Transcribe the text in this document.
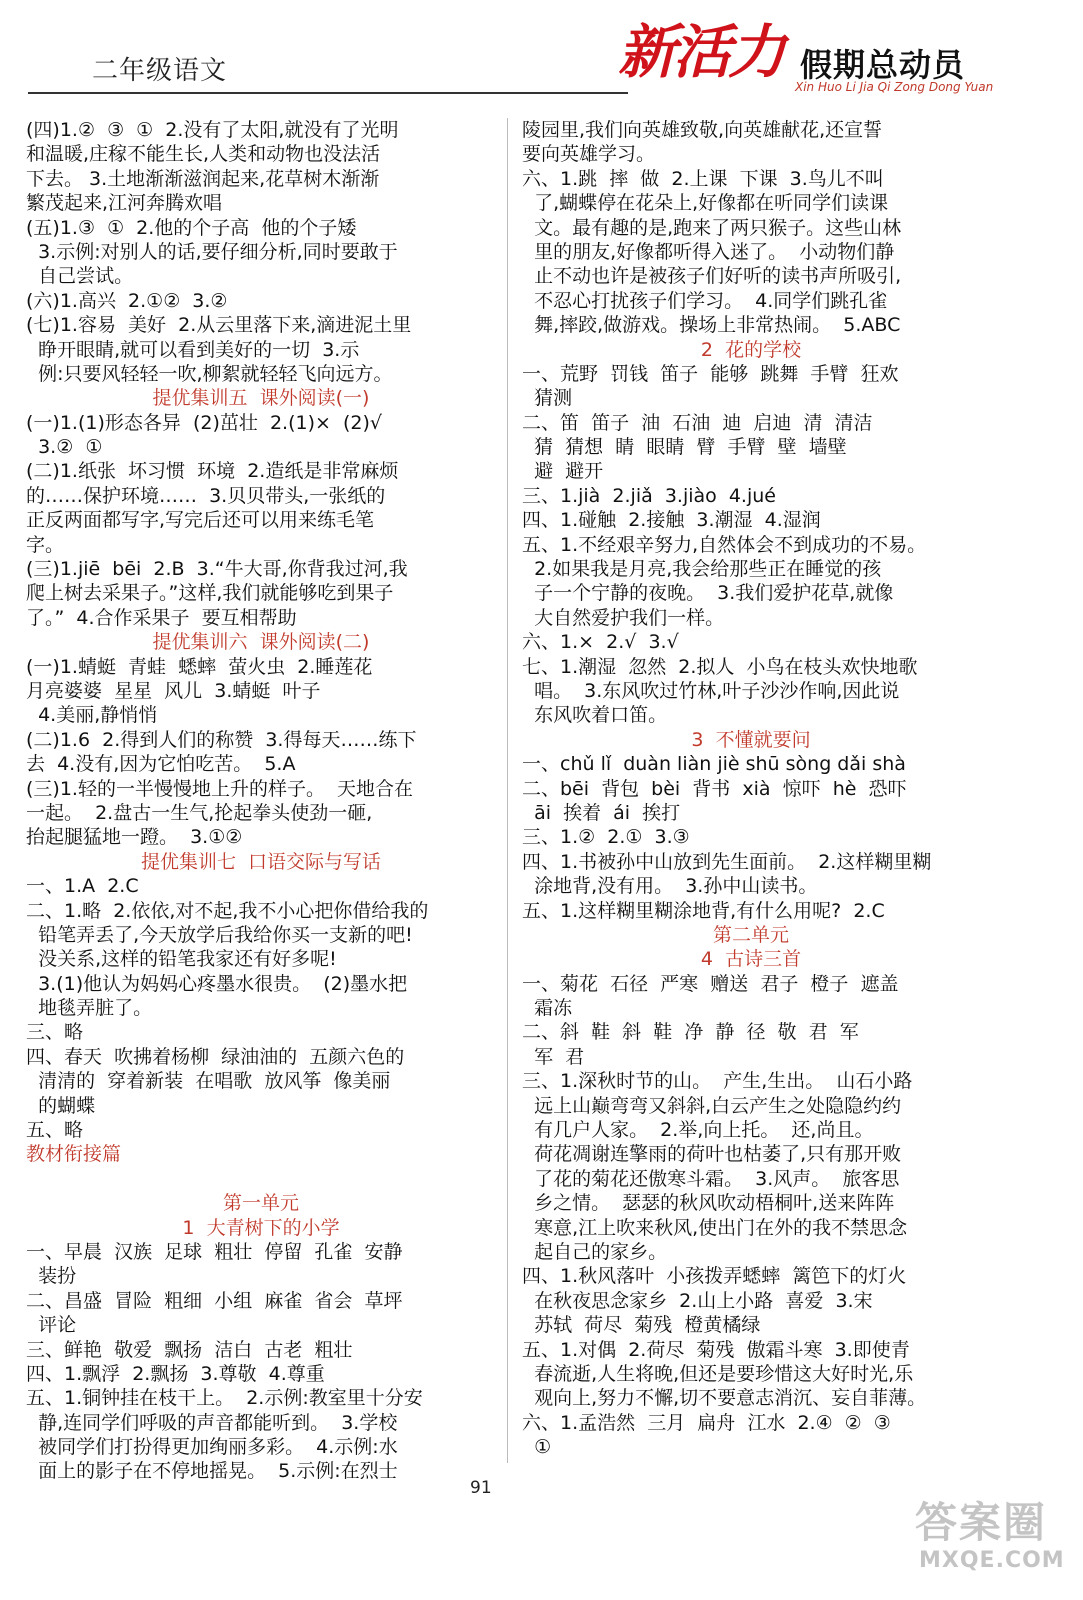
二年级语文	新活力 假期总动员
Xin Huo Li Jia Qi Zong Dong Yuan
(四)1.②  ③  ①  2.没有了太阳,就没有了光明
和温暖,庄稼不能生长,人类和动物也没法活
下去。 3.土地渐渐滋润起来,花草树木渐渐
繁茂起来,江河奔腾欢唱
(五)1.③  ①  2.他的个子高  他的个子矮
3.示例:对别人的话,要仔细分析,同时要敢于
自己尝试。
(六)1.高兴  2.①②  3.②
(七)1.容易  美好  2.从云里落下来,滴进泥土里
睁开眼睛,就可以看到美好的一切  3.示
例:只要风轻轻一吹,柳絮就轻轻飞向远方。
提优集训五  课外阅读(一)
(一)1.(1)形态各异  (2)茁壮  2.(1)×  (2)√
3.②  ①
(二)1.纸张  坏习惯  环境  2.造纸是非常麻烦
的……保护环境……  3.贝贝带头,一张纸的
正反两面都写字,写完后还可以用来练毛笔
字。
(三)1.jiē  bēi  2.B  3.“牛大哥,你背我过河,我
爬上树去采果子。”这样,我们就能够吃到果子
了。”  4.合作采果子  要互相帮助
提优集训六  课外阅读(二)
(一)1.蜻蜓  青蛙  蟋蟀  萤火虫  2.睡莲花
月亮婆婆  星星  风儿  3.蜻蜓  叶子
4.美丽,静悄悄
(二)1.6  2.得到人们的称赞  3.得每天……练下
去  4.没有,因为它怕吃苦。  5.A
(三)1.轻的一半慢慢地上升的样子。  天地合在
一起。  2.盘古一生气,抡起拳头使劲一砸,
抬起腿猛地一蹬。  3.①②
提优集训七  口语交际与写话
一、1.A  2.C
二、1.略  2.依依,对不起,我不小心把你借给我的
铅笔弄丢了,今天放学后我给你买一支新的吧!
没关系,这样的铅笔我家还有好多呢!
3.(1)他认为妈妈心疼墨水很贵。  (2)墨水把
地毯弄脏了。
三、略
四、春天  吹拂着杨柳  绿油油的  五颜六色的
清清的  穿着新装  在唱歌  放风筝  像美丽
的蝴蝶
五、略
教材衔接篇
第一单元
1  大青树下的小学
一、早晨  汉族  足球  粗壮  停留  孔雀  安静
装扮
二、昌盛  冒险  粗细  小组  麻雀  省会  草坪
评论
三、鲜艳  敬爱  飘扬  洁白  古老  粗壮
四、1.飘浮  2.飘扬  3.尊敬  4.尊重
五、1.铜钟挂在枝干上。  2.示例:教室里十分安
静,连同学们呼吸的声音都能听到。  3.学校
被同学们打扮得更加绚丽多彩。  4.示例:水
面上的影子在不停地摇晃。  5.示例:在烈士
陵园里,我们向英雄致敬,向英雄献花,还宣誓
要向英雄学习。
六、1.跳  摔  做  2.上课  下课  3.鸟儿不叫
了,蝴蝶停在花朵上,好像都在听同学们读课
文。最有趣的是,跑来了两只猴子。这些山林
里的朋友,好像都听得入迷了。  小动物们静
止不动也许是被孩子们好听的读书声所吸引,
不忍心打扰孩子们学习。  4.同学们跳孔雀
舞,摔跤,做游戏。操场上非常热闹。  5.ABC
2  花的学校
一、荒野  罚钱  笛子  能够  跳舞  手臂  狂欢
猜测
二、笛  笛子  油  石油  迪  启迪  清  清洁
猜  猜想  睛  眼睛  臂  手臂  壁  墙壁
避  避开
三、1.jià  2.jiǎ  3.jiào  4.jué
四、1.碰触  2.接触  3.潮湿  4.湿润
五、1.不经艰辛努力,自然体会不到成功的不易。
2.如果我是月亮,我会给那些正在睡觉的孩
子一个宁静的夜晚。  3.我们爱护花草,就像
大自然爱护我们一样。
六、1.×  2.√  3.√
七、1.潮湿  忽然  2.拟人  小鸟在枝头欢快地歌
唱。  3.东风吹过竹林,叶子沙沙作响,因此说
东风吹着口笛。
3  不懂就要问
一、chǔ lǐ  duàn liàn jiè shū sòng dǎi shà
二、bēi  背包  bèi  背书  xià  惊吓  hè  恐吓
āi  挨着  ái  挨打
三、1.②  2.①  3.③
四、1.书被孙中山放到先生面前。  2.这样糊里糊
涂地背,没有用。  3.孙中山读书。
五、1.这样糊里糊涂地背,有什么用呢?  2.C
第二单元
4  古诗三首
一、菊花  石径  严寒  赠送  君子  橙子  遮盖
霜冻
二、斜  鞋  斜  鞋  净  静  径  敬  君  军
军  君
三、1.深秋时节的山。  产生,生出。  山石小路
远上山巅弯弯又斜斜,白云产生之处隐隐约约
有几户人家。  2.举,向上托。  还,尚且。
荷花凋谢连擎雨的荷叶也枯萎了,只有那开败
了花的菊花还傲寒斗霜。  3.风声。  旅客思
乡之情。  瑟瑟的秋风吹动梧桐叶,送来阵阵
寒意,江上吹来秋风,使出门在外的我不禁思念
起自己的家乡。
四、1.秋风落叶  小孩拨弄蟋蟀  篱笆下的灯火
在秋夜思念家乡  2.山上小路  喜爱  3.宋
苏轼  荷尽  菊残  橙黄橘绿
五、1.对偶  2.荷尽  菊残  傲霜斗寒  3.即使青
春流逝,人生将晚,但还是要珍惜这大好时光,乐
观向上,努力不懈,切不要意志消沉、妄自菲薄。
六、1.孟浩然  三月  扁舟  江水  2.④  ②  ③
①
91
答案圈
MXQE.COM
